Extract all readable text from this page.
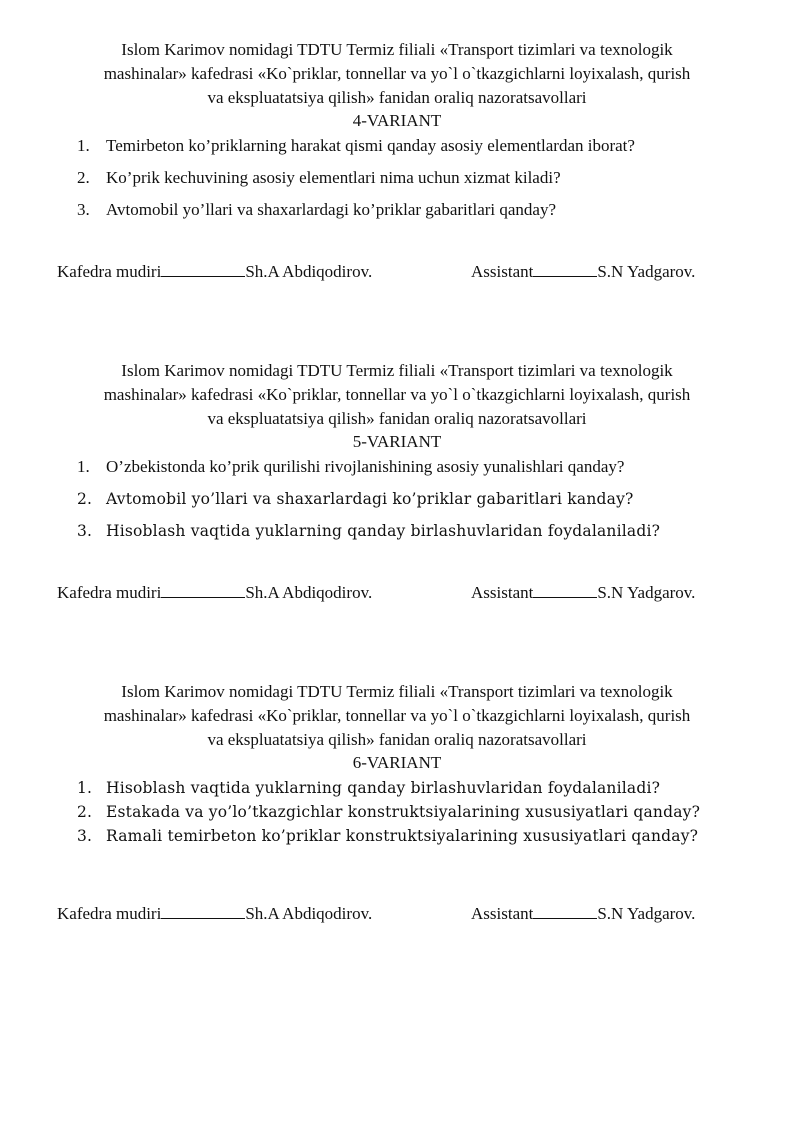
Islom Karimov nomidagi TDTU Termiz filiali «Transport tizimlari va texnologik
mashinalar» kafedrasi «Ko`priklar, tonnellar va yo`l o`tkazgichlarni loyixalash, qurish
va ekspluatatsiya qilish» fanidan oraliq nazoratsavollari
4-VARIANT
1. Temirbeton ko’priklarning harakat qismi qanday asosiy elementlardan iborat?
2. Ko’prik kechuvining asosiy elementlari nima uchun xizmat kiladi?
3. Avtomobil yo’llari va shaxarlardagi ko’priklar gabaritlari qanday?
Kafedra mudiri	Sh.A Abdiqodirov.	Assistant	S.N Yadgarov.
Islom Karimov nomidagi TDTU Termiz filiali «Transport tizimlari va texnologik
mashinalar» kafedrasi «Ko`priklar, tonnellar va yo`l o`tkazgichlarni loyixalash, qurish
va ekspluatatsiya qilish» fanidan oraliq nazoratsavollari
5-VARIANT
1. O’zbekistonda ko’prik qurilishi rivojlanishining asosiy yunalishlari qanday?
2. Avtomobil yo’llari va shaxarlardagi ko’priklar gabaritlari kanday?
3. Hisoblash vaqtida yuklarning qanday birlashuvlaridan foydalaniladi?
Kafedra mudiri	Sh.A Abdiqodirov.	Assistant	S.N Yadgarov.
Islom Karimov nomidagi TDTU Termiz filiali «Transport tizimlari va texnologik
mashinalar» kafedrasi «Ko`priklar, tonnellar va yo`l o`tkazgichlarni loyixalash, qurish
va ekspluatatsiya qilish» fanidan oraliq nazoratsavollari
6-VARIANT
1. Hisoblash vaqtida yuklarning qanday birlashuvlaridan foydalaniladi?
2. Estakada va yo’lo’tkazgichlar konstruktsiyalarining xususiyatlari qanday?
3. Ramali temirbeton ko’priklar konstruktsiyalarining xususiyatlari qanday?
Kafedra mudiri	Sh.A Abdiqodirov.	Assistant	S.N Yadgarov.
